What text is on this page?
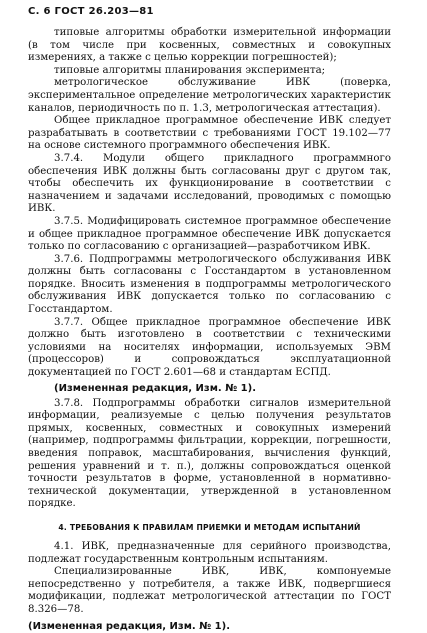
С. 6 ГОСТ 26.203—81

типовые алгоритмы обработки измерительной информации (в том числе при косвенных, совместных и совокупных измерениях, а также с целью коррекции погрешностей);

типовые алгоритмы планирования эксперимента;

метрологическое обслуживание ИВК (поверка, экспериментальное определение метрологических характеристик каналов, периодичность по п. 1.3, метрологическая аттестация).

Общее прикладное программное обеспечение ИВК следует разрабатывать в соответствии с требованиями ГОСТ 19.102—77 на основе системного программного обеспечения ИВК.

3.7.4. Модули общего прикладного программного обеспечения ИВК должны быть согласованы друг с другом так, чтобы обеспечить их функционирование в соответствии с назначением и задачами исследований, проводимых с помощью ИВК.

3.7.5. Модифицировать системное программное обеспечение и общее прикладное программное обеспечение ИВК допускается только по согласованию с организацией—разработчиком ИВК.

3.7.6. Подпрограммы метрологического обслуживания ИВК должны быть согласованы с Госстандартом в установленном порядке. Вносить изменения в подпрограммы метрологического обслуживания ИВК допускается только по согласованию с Госстандартом.

3.7.7. Общее прикладное программное обеспечение ИВК должно быть изготовлено в соответствии с техническими условиями на носителях информации, используемых ЭВМ (процессоров) и сопровождаться эксплуатационной документацией по ГОСТ 2.601—68 и стандартам ЕСПД.

(Измененная редакция, Изм. № 1).

3.7.8. Подпрограммы обработки сигналов измерительной информации, реализуемые с целью получения результатов прямых, косвенных, совместных и совокупных измерений (например, подпрограммы фильтрации, коррекции, погрешности, введения поправок, масштабирования, вычисления функций, решения уравнений и т. п.), должны сопровождаться оценкой точности результатов в форме, установленной в нормативно-технической документации, утвержденной в установленном порядке.

4. ТРЕБОВАНИЯ К ПРАВИЛАМ ПРИЕМКИ И МЕТОДАМ ИСПЫТАНИЙ

4.1. ИВК, предназначенные для серийного производства, подлежат государственным контрольным испытаниям.

Специализированные ИВК, ИВК, компонуемые непосредственно у потребителя, а также ИВК, подвергшиеся модификации, подлежат метрологической аттестации по ГОСТ 8.326—78.

(Измененная редакция, Изм. № 1).
